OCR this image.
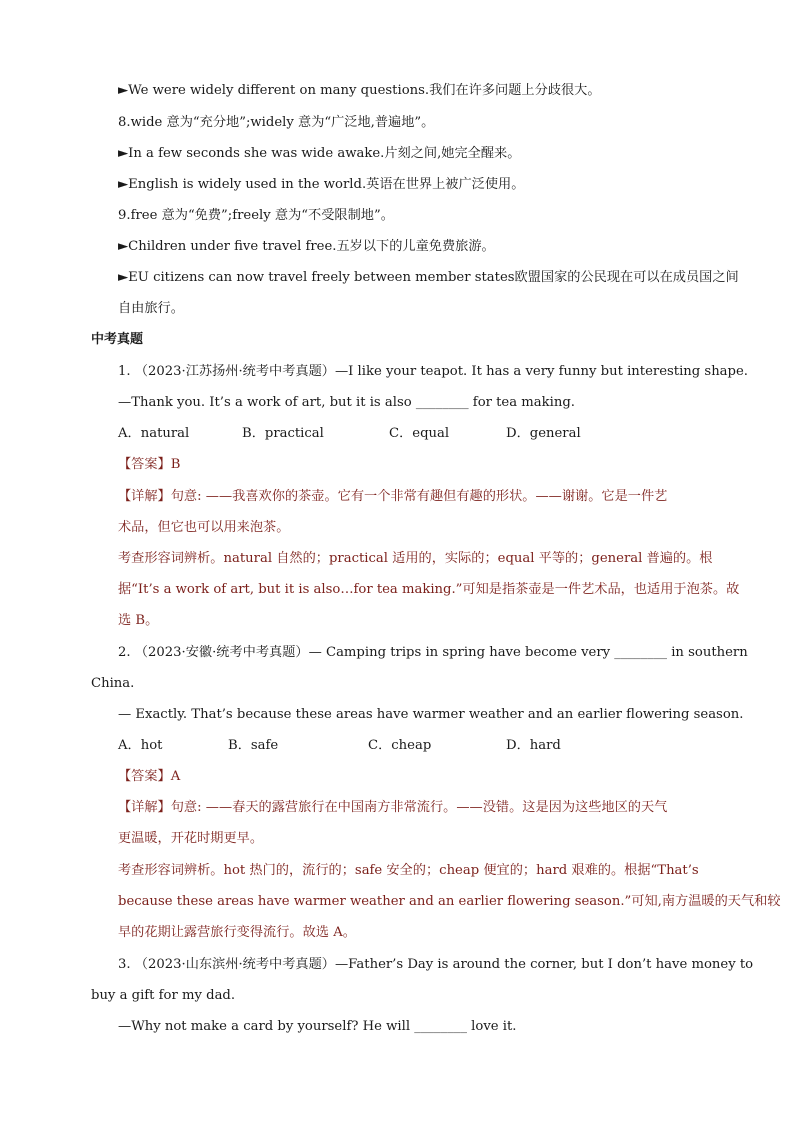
►We were widely different on many questions.我们在许多问题上分歧很大。
8.wide 意为“充分地”;widely 意为“广泛地,普遍地”。
►In a few seconds she was wide awake.片刻之间,她完全醒来。
►English is widely used in the world.英语在世界上被广泛使用。
9.free 意为“免费”;freely 意为“不受限制地”。
►Children under five travel free.五岁以下的儿童免费旅游。
►EU citizens can now travel freely between member states欧盟国家的公民现在可以在成员国之间
自由旅行。
中考真题
1. （2023·江苏扬州·统考中考真题）—I like your teapot. It has a very funny but interesting shape.
—Thank you. It’s a work of art, but it is also ________ for tea making.
A．natural	B．practical	C．equal	D．general
【答案】B
【详解】句意: ——我喜欢你的茶壶。它有一个非常有趣但有趣的形状。——谢谢。它是一件艺
术品，但它也可以用来泡茶。
考查形容词辨析。natural 自然的；practical 适用的，实际的；equal 平等的；general 普遍的。根
据“It’s a work of art, but it is also…for tea making.”可知是指茶壶是一件艺术品，也适用于泡茶。故
选 B。
2. （2023·安徽·统考中考真题）— Camping trips in spring have become very ________ in southern
China.
— Exactly. That’s because these areas have warmer weather and an earlier flowering season.
A．hot	B．safe	C．cheap	D．hard
【答案】A
【详解】句意: ——春天的露营旅行在中国南方非常流行。——没错。这是因为这些地区的天气
更温暖，开花时期更早。
考查形容词辨析。hot 热门的，流行的；safe 安全的；cheap 便宜的；hard 艰难的。根据“That’s
because these areas have warmer weather and an earlier flowering season.”可知,南方温暖的天气和较
早的花期让露营旅行变得流行。故选 A。
3. （2023·山东滨州·统考中考真题）—Father’s Day is around the corner, but I don’t have money to
buy a gift for my dad.
—Why not make a card by yourself? He will ________ love it.
